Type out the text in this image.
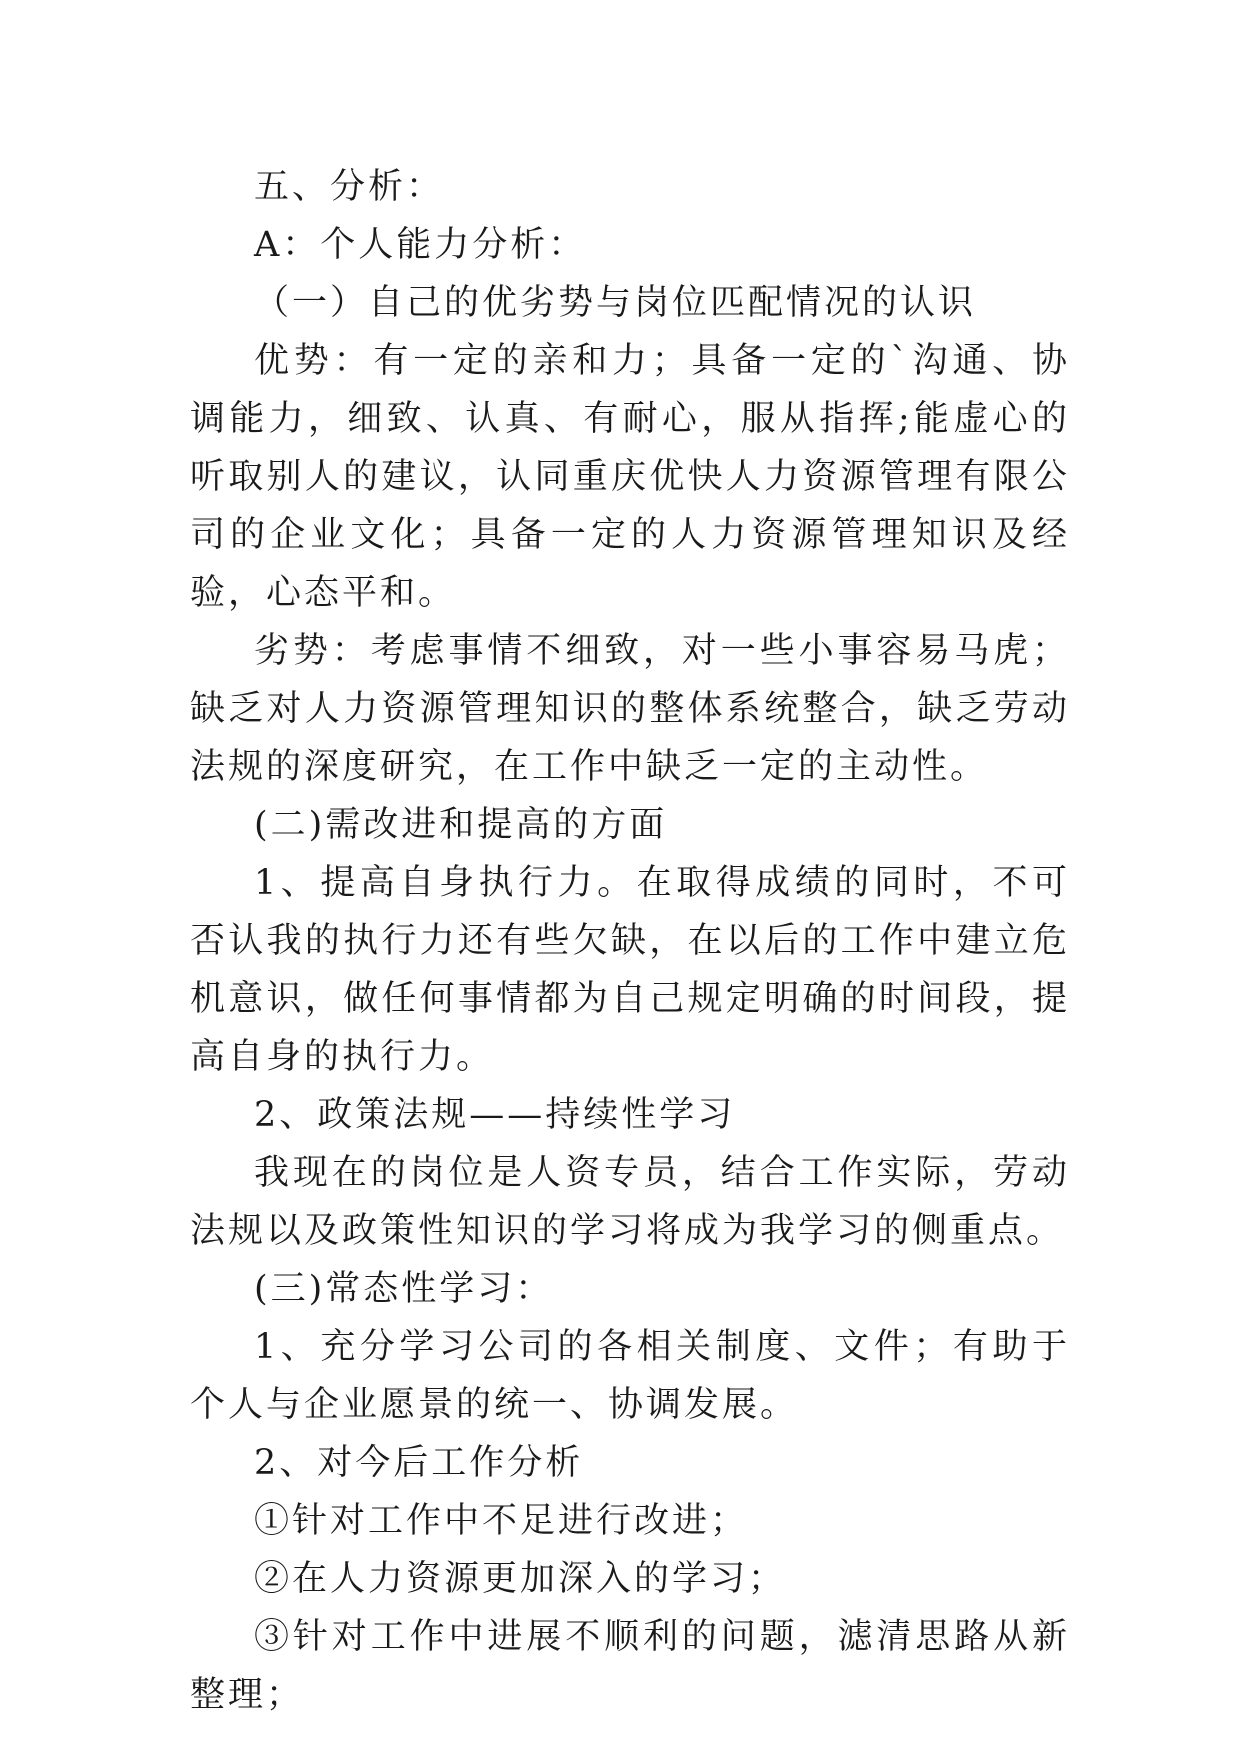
五、分析：

A：个人能力分析：

（一）自己的优劣势与岗位匹配情况的认识

优势：有一定的亲和力；具备一定的`沟通、协调能力，细致、认真、有耐心，服从指挥;能虚心的听取别人的建议，认同重庆优快人力资源管理有限公司的企业文化；具备一定的人力资源管理知识及经验，心态平和。

劣势：考虑事情不细致，对一些小事容易马虎；缺乏对人力资源管理知识的整体系统整合，缺乏劳动法规的深度研究，在工作中缺乏一定的主动性。

(二)需改进和提高的方面

1、提高自身执行力。在取得成绩的同时，不可否认我的执行力还有些欠缺，在以后的工作中建立危机意识，做任何事情都为自己规定明确的时间段，提高自身的执行力。

2、政策法规——持续性学习

我现在的岗位是人资专员，结合工作实际，劳动法规以及政策性知识的学习将成为我学习的侧重点。

(三)常态性学习：

1、充分学习公司的各相关制度、文件；有助于个人与企业愿景的统一、协调发展。

2、对今后工作分析

①针对工作中不足进行改进；

②在人力资源更加深入的学习；

③针对工作中进展不顺利的问题，滤清思路从新整理；
